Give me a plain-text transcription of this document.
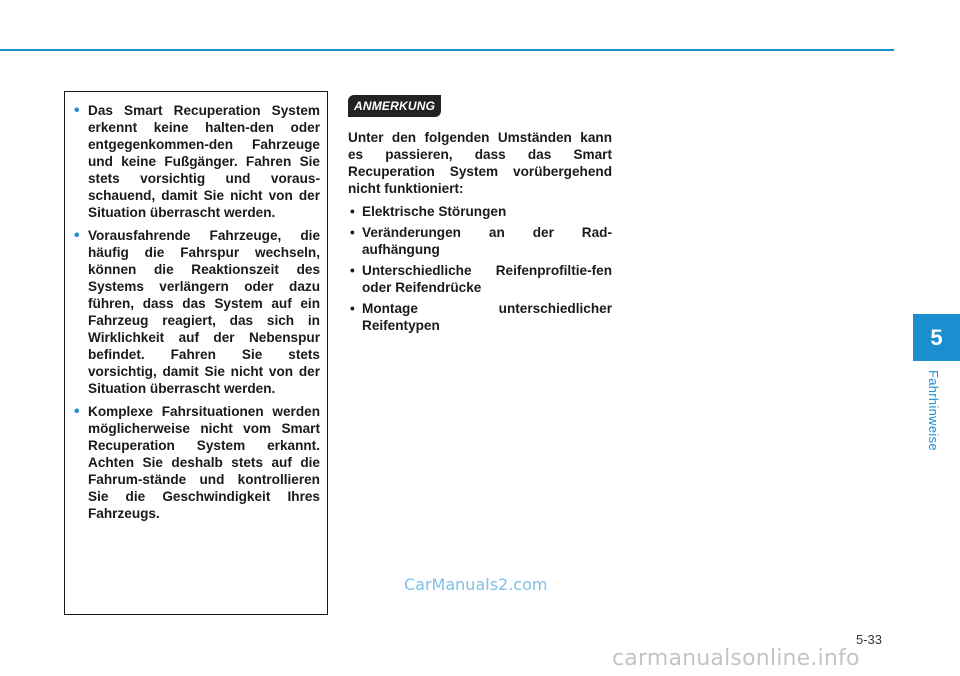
• Das Smart Recuperation System erkennt keine halten-den oder entgegenkommen-den Fahrzeuge und keine Fußgänger. Fahren Sie stets vorsichtig und voraus-schauend, damit Sie nicht von der Situation überrascht werden.
• Vorausfahrende Fahrzeuge, die häufig die Fahrspur wechseln, können die Reaktionszeit des Systems verlängern oder dazu führen, dass das System auf ein Fahrzeug reagiert, das sich in Wirklichkeit auf der Nebenspur befindet. Fahren Sie stets vorsichtig, damit Sie nicht von der Situation überrascht werden.
• Komplexe Fahrsituationen werden möglicherweise nicht vom Smart Recuperation System erkannt. Achten Sie deshalb stets auf die Fahrum-stände und kontrollieren Sie die Geschwindigkeit Ihres Fahrzeugs.
ANMERKUNG

Unter den folgenden Umständen kann es passieren, dass das Smart Recuperation System vorübergehend nicht funktioniert:

• Elektrische Störungen
• Veränderungen an der Rad-aufhängung
• Unterschiedliche Reifenprofiltie-fen oder Reifendrücke
• Montage unterschiedlicher Reifentypen	5
Fahrhinweise
5-33
CarManuals2.com
carmanualsonline.info
